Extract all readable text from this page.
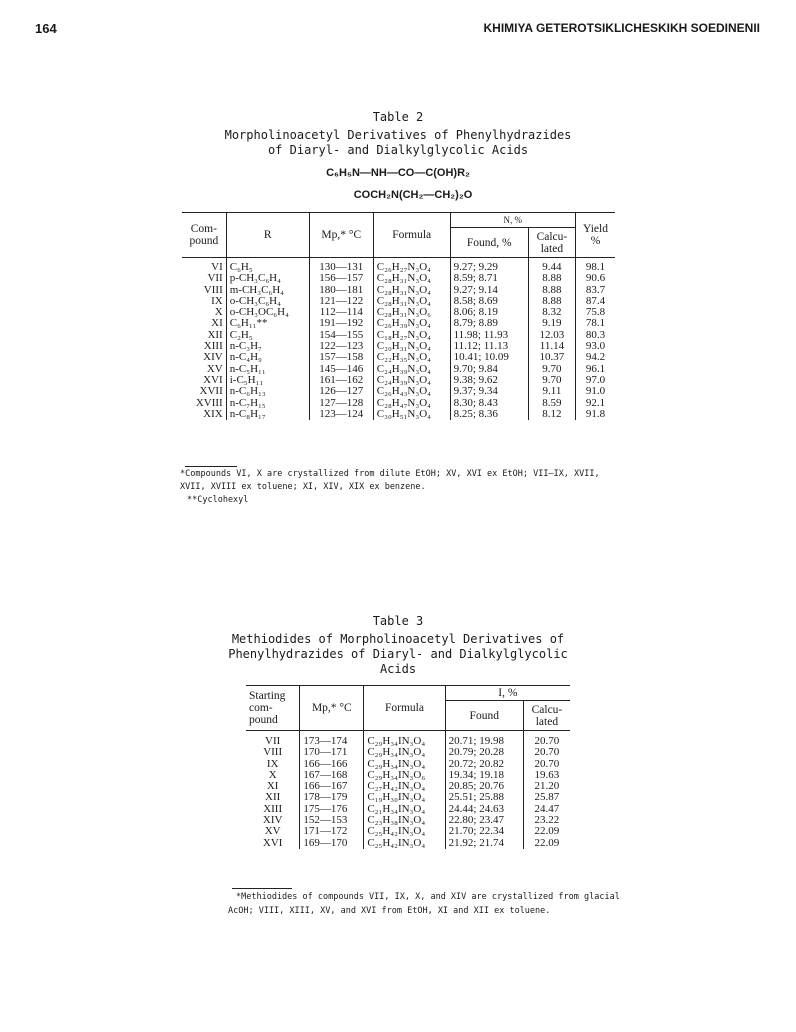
164	KHIMIYA GETEROTSIKLICHESKIKH SOEDINENII
Table 2
Morpholinoacetyl Derivatives of Phenylhydrazides
of Diaryl- and Dialkylglycolic Acids
C₆H₅N—NH—CO—C(OH)R₂
COCH₂N(CH₂—CH₂)₂O
Com-
pound	R	Mp,* °C	Formula	N, %		Yield
%
				Found, %	Calcu-
lated	
VI	C₆H₅	130—131	C₂₆H₂₇N₃O₄	9.27; 9.29	9.44	98.1
VII	p-CH₃C₆H₄	156—157	C₂₈H₃₁N₃O₄	8.59; 8.71	8.88	90.6
VIII	m-CH₃C₆H₄	180—181	C₂₈H₃₁N₃O₄	9.27; 9.14	8.88	83.7
IX	o-CH₃C₆H₄	121—122	C₂₈H₃₁N₃O₄	8.58; 8.69	8.88	87.4
X	o-CH₃OC₆H₄	112—114	C₂₈H₃₁N₃O₆	8.06; 8.19	8.32	75.8
XI	C₆H₁₁**	191—192	C₂₆H₃₉N₃O₄	8.79; 8.89	9.19	78.1
XII	C₂H₅	154—155	C₁₈H₂₇N₃O₄	11.98; 11.93	12.03	80.3
XIII	n-C₃H₇	122—123	C₂₀H₃₁N₃O₄	11.12; 11.13	11.14	93.0
XIV	n-C₄H₉	157—158	C₂₂H₃₅N₃O₄	10.41; 10.09	10.37	94.2
XV	n-C₅H₁₁	145—146	C₂₄H₃₉N₃O₄	9.70; 9.84	9.70	96.1
XVI	i-C₅H₁₁	161—162	C₂₄H₃₉N₃O₄	9.38; 9.62	9.70	97.0
XVII	n-C₆H₁₃	126—127	C₂₆H₄₃N₃O₄	9.37; 9.34	9.11	91.0
XVIII	n-C₇H₁₅	127—128	C₂₈H₄₇N₃O₄	8.30; 8.43	8.59	92.1
XIX	n-C₈H₁₇	123—124	C₃₀H₅₁N₃O₄	8.25; 8.36	8.12	91.8
*Compounds VI, X are crystallized from dilute EtOH; XV, XVI ex EtOH; VII–IX, XVII,
XVII, XVIII ex toluene; XI, XIV, XIX ex benzene.
**Cyclohexyl
Table 3
Methiodides of Morpholinoacetyl Derivatives of
Phenylhydrazides of Diaryl- and Dialkylglycolic
Acids
Starting
com-
pound	Mp,* °C	Formula	I, %	
			Found	Calcu-
lated
VII	173—174	C₂₉H₃₄IN₃O₄	20.71; 19.98	20.70
VIII	170—171	C₂₉H₃₄IN₃O₄	20.79; 20.28	20.70
IX	166—166	C₂₉H₃₄IN₃O₄	20.72; 20.82	20.70
X	167—168	C₂₉H₃₄IN₃O₆	19.34; 19.18	19.63
XI	166—167	C₂₇H₄₂IN₃O₄	20.85; 20.76	21.20
XII	178—179	C₁₉H₃₀IN₃O₄	25.51; 25.88	25.87
XIII	175—176	C₂₁H₃₄IN₃O₄	24.44; 24.63	24.47
XIV	152—153	C₂₃H₃₈IN₃O₄	22.80; 23.47	23.22
XV	171—172	C₂₅H₄₂IN₃O₄	21.70; 22.34	22.09
XVI	169—170	C₂₅H₄₂IN₃O₄	21.92; 21.74	22.09
*Methiodides of compounds VII, IX, X, and XIV are crystallized from glacial
AcOH; VIII, XIII, XV, and XVI from EtOH, XI and XII ex toluene.
